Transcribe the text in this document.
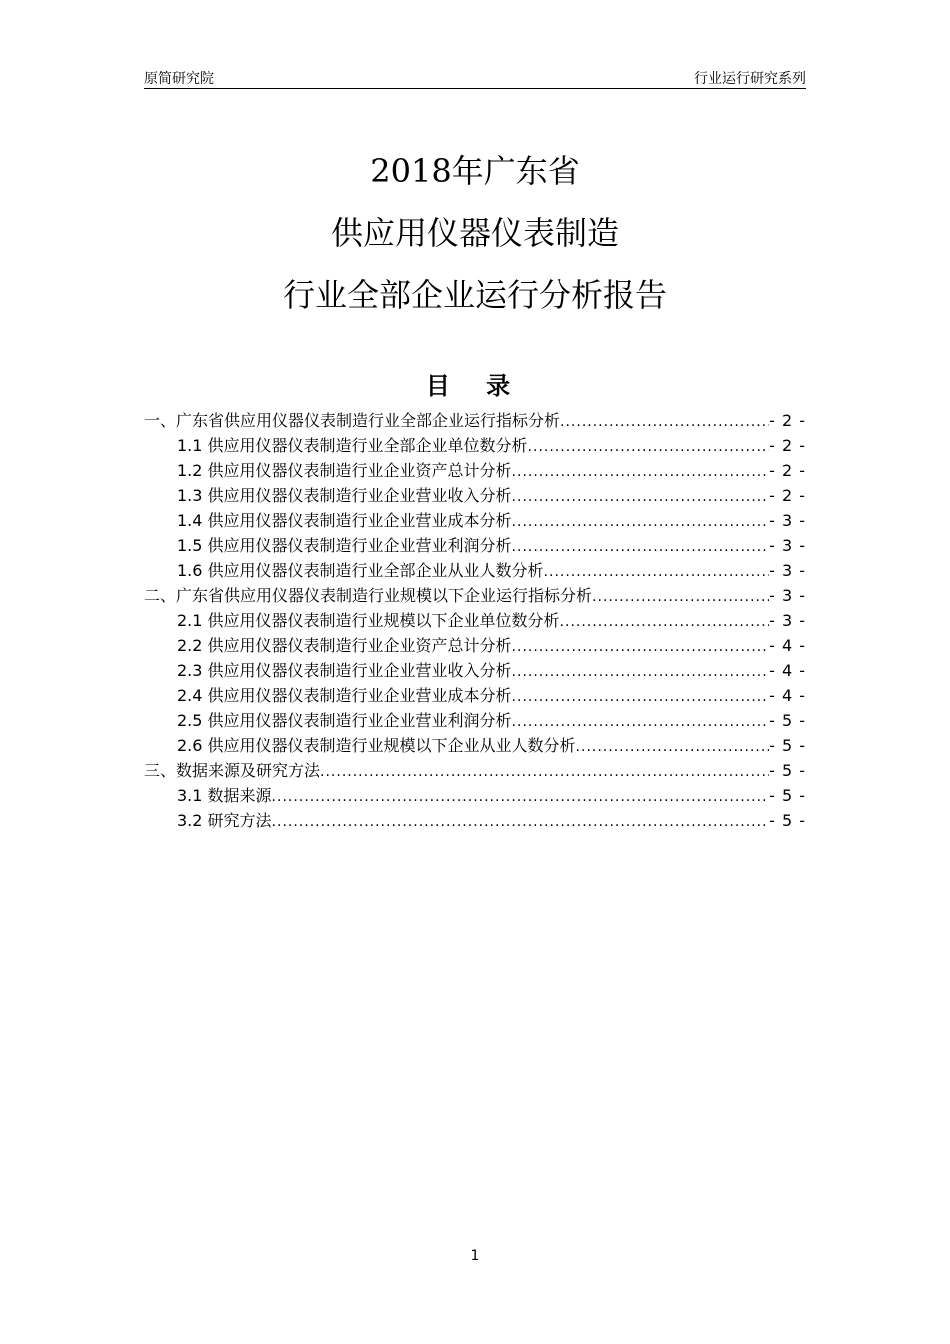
原简研究院	行业运行研究系列
2018年广东省
供应用仪器仪表制造
行业全部企业运行分析报告
目 录
一、广东省供应用仪器仪表制造行业全部企业运行指标分析 .....	- 2 -
1.1 供应用仪器仪表制造行业全部企业单位数分析 .....	- 2 -
1.2 供应用仪器仪表制造行业企业资产总计分析 .....	- 2 -
1.3 供应用仪器仪表制造行业企业营业收入分析 .....	- 2 -
1.4 供应用仪器仪表制造行业企业营业成本分析 .....	- 3 -
1.5 供应用仪器仪表制造行业企业营业利润分析 .....	- 3 -
1.6 供应用仪器仪表制造行业全部企业从业人数分析 .....	- 3 -
二、广东省供应用仪器仪表制造行业规模以下企业运行指标分析 .....	- 3 -
2.1 供应用仪器仪表制造行业规模以下企业单位数分析 .....	- 3 -
2.2 供应用仪器仪表制造行业企业资产总计分析 .....	- 4 -
2.3 供应用仪器仪表制造行业企业营业收入分析 .....	- 4 -
2.4 供应用仪器仪表制造行业企业营业成本分析 .....	- 4 -
2.5 供应用仪器仪表制造行业企业营业利润分析 .....	- 5 -
2.6 供应用仪器仪表制造行业规模以下企业从业人数分析 .....	- 5 -
三、数据来源及研究方法 .....	- 5 -
3.1 数据来源 .....	- 5 -
3.2 研究方法 .....	- 5 -
1
